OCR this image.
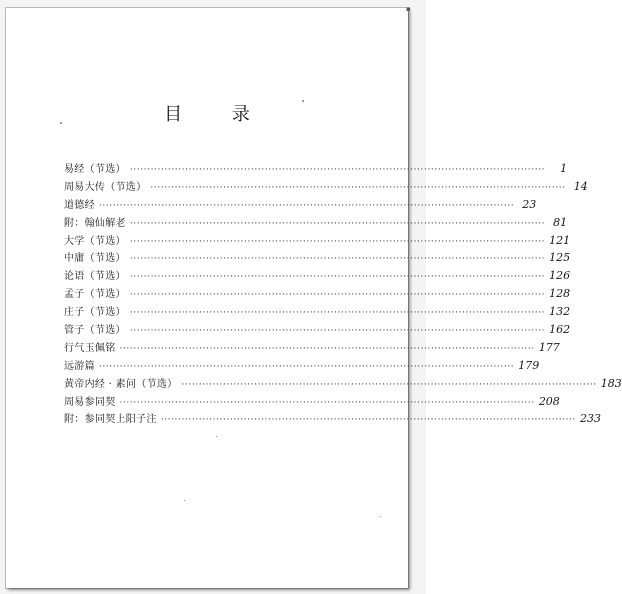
目 录
易经（节选） ························································································································	1
周易大传（节选） ························································································································ 14
道德经 ························································································································ 23
附：翰仙解老 ························································································································ 81
大学（节选） ························································································································ 121
中庸（节选） ························································································································ 125
论语（节选） ························································································································ 126
孟子（节选） ························································································································ 128
庄子（节选） ························································································································ 132
管子（节选） ························································································································ 162
行气玉佩铭 ························································································································ 177
远游篇 ························································································································ 179
黄帝内经 · 素问（节选） ························································································································ 183
周易参同契 ························································································································ 208
附：参同契上阳子注 ························································································································ 233
▪
